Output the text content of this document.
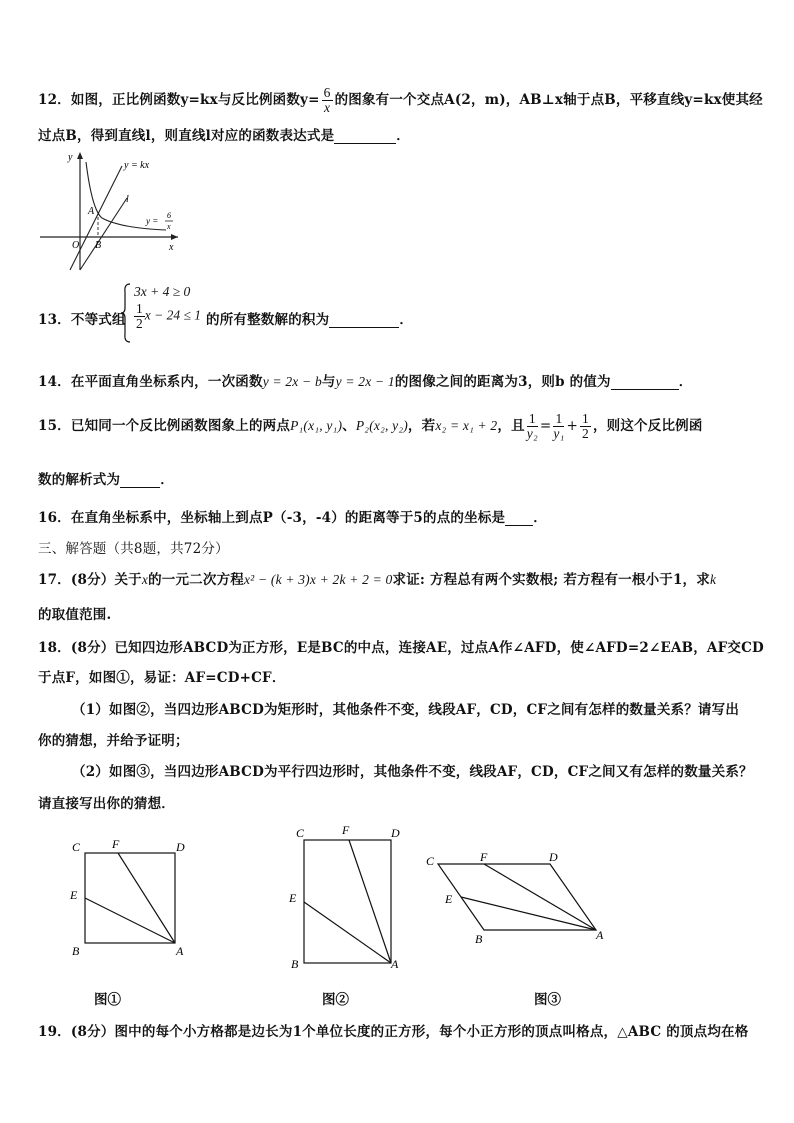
12．如图，正比例函数y=kx与反比例函数$y= \frac{6}{x}$ 的图象有一个交点A(2，m)，AB⊥x轴于点B，平移直线y=kx使其经
过点B，得到直线l，则直线l对应的函数表达式是	．
y
y = kx
l
A
O B	x
y =
6
x
13．不等式组
3x + 4 ≥ 0
$\frac{1}{2}$ x − 24 ≤ 1 的所有整数解的积为	．
14．在平面直角坐标系内，一次函数y = 2x − b与y = 2x − 1的图像之间的距离为3，则b 的值为	．
15．已知同一个反比例函数图象上的两点P₁(x₁, y₁)、P₂(x₂, y₂)，若x₂ = x₁ + 2，且 $\frac{1}{\text{y₂}} = \frac{1}{\text{y₁}} + \frac{1}{2}$ ，则这个反比例函
数的解析式为	．
16．在直角坐标系中，坐标轴上到点P（-3，-4）的距离等于5的点的坐标是 ．
三、解答题（共8题，共72分）
17．(8分）关于x的一元二次方程x² − (k + 3)x + 2k + 2 = 0求证: 方程总有两个实数根; 若方程有一根小于1，求k
的取值范围.
18．(8分）已知四边形ABCD为正方形，E是BC的中点，连接AE，过点A作∠AFD，使∠AFD=2∠EAB，AF交CD
于点F，如图①，易证：AF=CD+CF．
（1）如图②，当四边形ABCD为矩形时，其他条件不变，线段AF，CD，CF之间有怎样的数量关系？请写出
你的猜想，并给予证明；
（2）如图③，当四边形ABCD为平行四边形时，其他条件不变，线段AF，CD，CF之间又有怎样的数量关系？
请直接写出你的猜想．
C	F	D
E
B	A
图①
C	F	D
E
B	A
图②
C	F	D
E
B	A
图③
19．(8分）图中的每个小方格都是边长为1个单位长度的正方形，每个小正方形的顶点叫格点，△ABC 的顶点均在格
